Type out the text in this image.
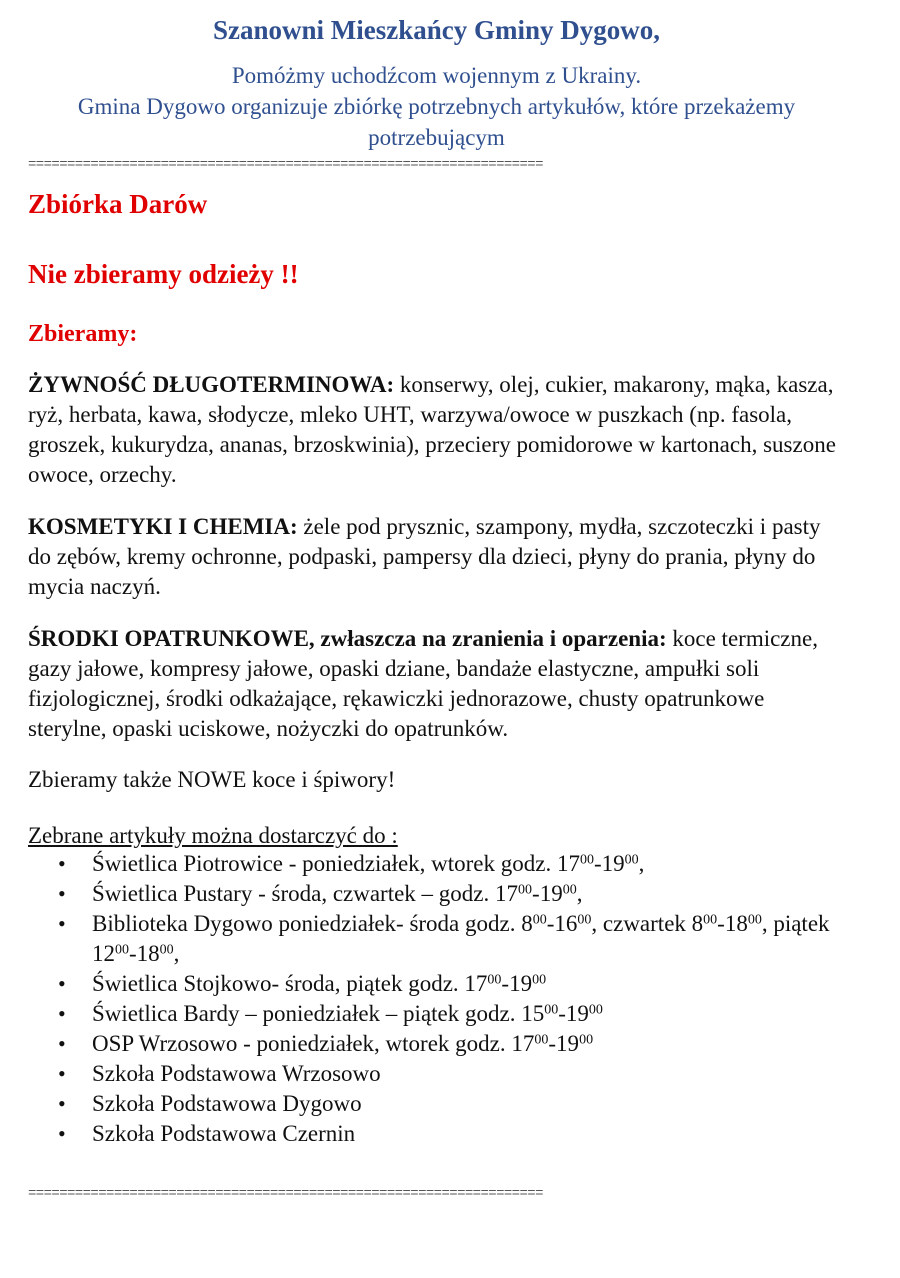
Szanowni Mieszkańcy Gminy Dygowo,
Pomóżmy uchodźcom wojennym z Ukrainy.
Gmina Dygowo organizuje zbiórkę potrzebnych artykułów, które przekażemy potrzebującym
==================================================================
Zbiórka Darów
Nie zbieramy odzieży !!
Zbieramy:
ŻYWNOŚĆ DŁUGOTERMINOWA: konserwy, olej, cukier, makarony, mąka, kasza, ryż, herbata, kawa, słodycze, mleko UHT, warzywa/owoce w puszkach (np. fasola, groszek, kukurydza, ananas, brzoskwinia), przeciery pomidorowe w kartonach, suszone owoce, orzechy.
KOSMETYKI I CHEMIA: żele pod prysznic, szampony, mydła, szczoteczki i pasty do zębów, kremy ochronne, podpaski, pampersy dla dzieci, płyny do prania, płyny do mycia naczyń.
ŚRODKI OPATRUNKOWE, zwłaszcza na zranienia i oparzenia: koce termiczne, gazy jałowe, kompresy jałowe, opaski dziane, bandaże elastyczne, ampułki soli fizjologicznej, środki odkażające, rękawiczki jednorazowe, chusty opatrunkowe sterylne, opaski uciskowe, nożyczki do opatrunków.
Zbieramy także NOWE koce i śpiwory!
Zebrane artykuły można dostarczyć do :
• Świetlica Piotrowice - poniedziałek, wtorek godz. $17^{00}-19^{00}$,
• Świetlica Pustary - środa, czwartek – godz. $17^{00}-19^{00}$,
• Biblioteka Dygowo poniedziałek- środa godz. $8^{00}-16^{00}$, czwartek $8^{00}-18^{00}$, piątek $12^{00}-18^{00}$,
• Świetlica Stojkowo- środa, piątek godz. $17^{00}-19^{00}$
• Świetlica Bardy – poniedziałek – piątek godz. $15^{00}-19^{00}$
• OSP Wrzosowo - poniedziałek, wtorek godz. $17^{00}-19^{00}$
• Szkoła Podstawowa Wrzosowo
• Szkoła Podstawowa Dygowo
• Szkoła Podstawowa Czernin
==================================================================
